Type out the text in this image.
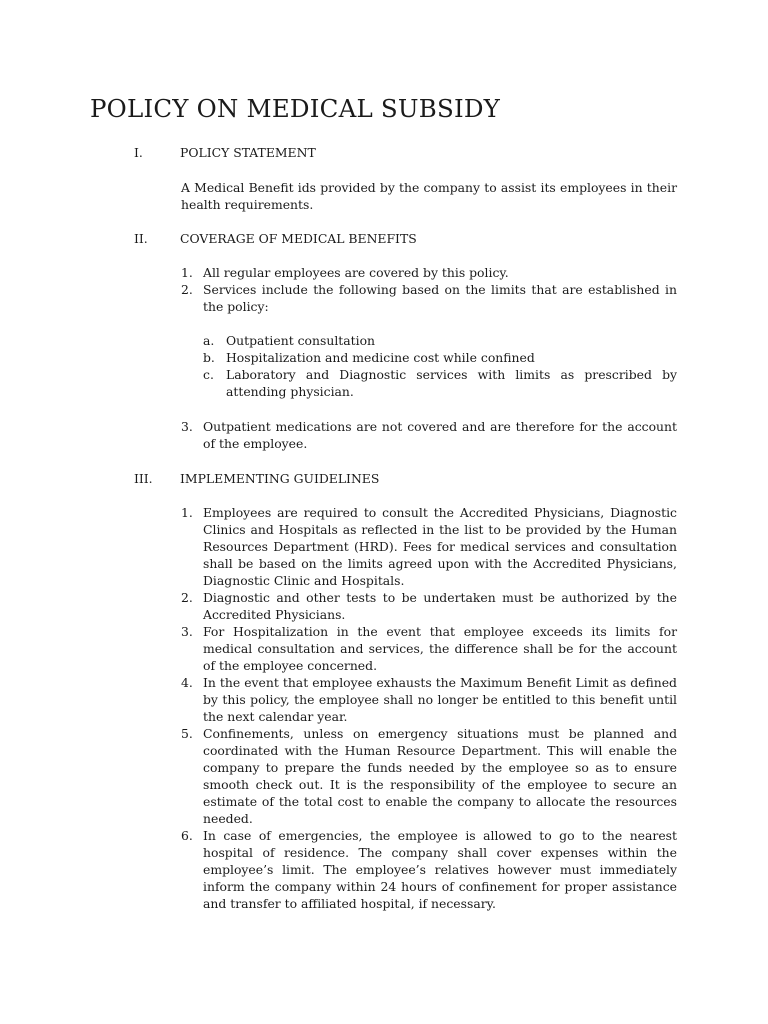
POLICY ON MEDICAL SUBSIDY
I.	POLICY STATEMENT
A Medical Benefit ids provided by the company to assist its employees in their health requirements.
II.	COVERAGE OF MEDICAL BENEFITS
1. All regular employees are covered by this policy.
2. Services include the following based on the limits that are established in the policy:
a. Outpatient consultation
b. Hospitalization and medicine cost while confined
c. Laboratory and Diagnostic services with limits as prescribed by attending physician.
3. Outpatient medications are not covered and are therefore for the account of the employee.
III. IMPLEMENTING GUIDELINES
1. Employees are required to consult the Accredited Physicians, Diagnostic Clinics and Hospitals as reflected in the list to be provided by the Human Resources Department (HRD). Fees for medical services and consultation shall be based on the limits agreed upon with the Accredited Physicians, Diagnostic Clinic and Hospitals.
2. Diagnostic and other tests to be undertaken must be authorized by the Accredited Physicians.
3. For Hospitalization in the event that employee exceeds its limits for medical consultation and services, the difference shall be for the account of the employee concerned.
4. In the event that employee exhausts the Maximum Benefit Limit as defined by this policy, the employee shall no longer be entitled to this benefit until the next calendar year.
5. Confinements, unless on emergency situations must be planned and coordinated with the Human Resource Department. This will enable the company to prepare the funds needed by the employee so as to ensure smooth check out. It is the responsibility of the employee to secure an estimate of the total cost to enable the company to allocate the resources needed.
6. In case of emergencies, the employee is allowed to go to the nearest hospital of residence. The company shall cover expenses within the employee’s limit. The employee’s relatives however must immediately inform the company within 24 hours of confinement for proper assistance and transfer to affiliated hospital, if necessary.
